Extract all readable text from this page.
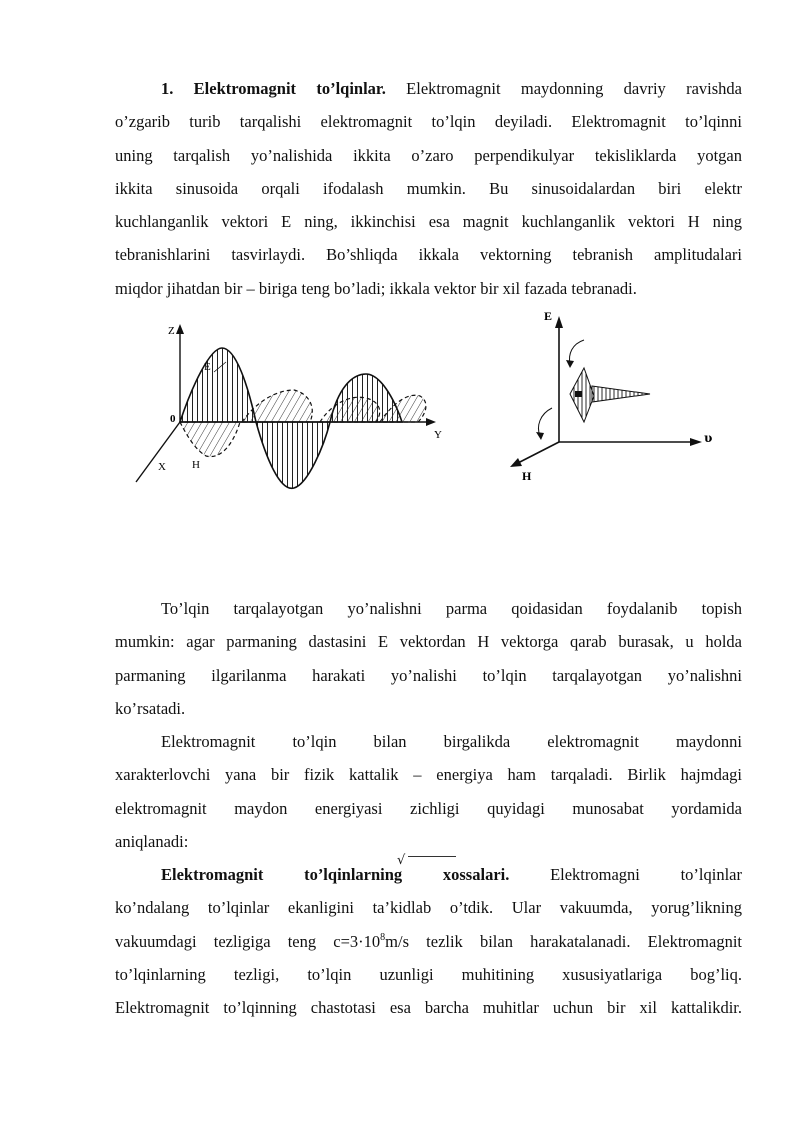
1. Elektromagnit to’lqinlar. Elektromagnit maydonning davriy ravishda
o’zgarib turib tarqalishi elektromagnit to’lqin deyiladi. Elektromagnit to’lqinni
uning tarqalish yo’nalishida ikkita o’zaro perpendikulyar tekisliklarda yotgan
ikkita sinusoida orqali ifodalash mumkin. Bu sinusoidalardan biri elektr
kuchlanganlik vektori E ning, ikkinchisi esa magnit kuchlanganlik vektori H ning
tebranishlarini tasvirlaydi. Bo’shliqda ikkala vektorning tebranish amplitudalari
miqdor jihatdan bir – biriga teng bo’ladi; ikkala vektor bir xil fazada tebranadi.
Z
E
0
Y
X H
E
H
υ
To’lqin tarqalayotgan yo’nalishni parma qoidasidan foydalanib topish
mumkin: agar parmaning dastasini E vektordan H vektorga qarab burasak, u holda
parmaning ilgarilanma harakati yo’nalishi to’lqin tarqalayotgan yo’nalishni
ko’rsatadi.
Elektromagnit to’lqin bilan birgalikda elektromagnit maydonni
xarakterlovchi yana bir fizik kattalik – energiya ham tarqaladi. Birlik hajmdagi
elektromagnit maydon energiyasi zichligi quyidagi munosabat yordamida
aniqlanadi:
√
Elektromagnit to’lqinlarning xossalari. Elektromagni to’lqinlar
ko’ndalang to’lqinlar ekanligini ta’kidlab o’tdik. Ular vakuumda, yorug’likning
vakuumdagi tezligiga teng $c=3\cdot 10^8m/s$ tezlik bilan harakatalanadi. Elektromagnit
to’lqinlarning tezligi, to’lqin uzunligi muhitining xususiyatlariga bog’liq.
Elektromagnit to’lqinning chastotasi esa barcha muhitlar uchun bir xil kattalikdir.
